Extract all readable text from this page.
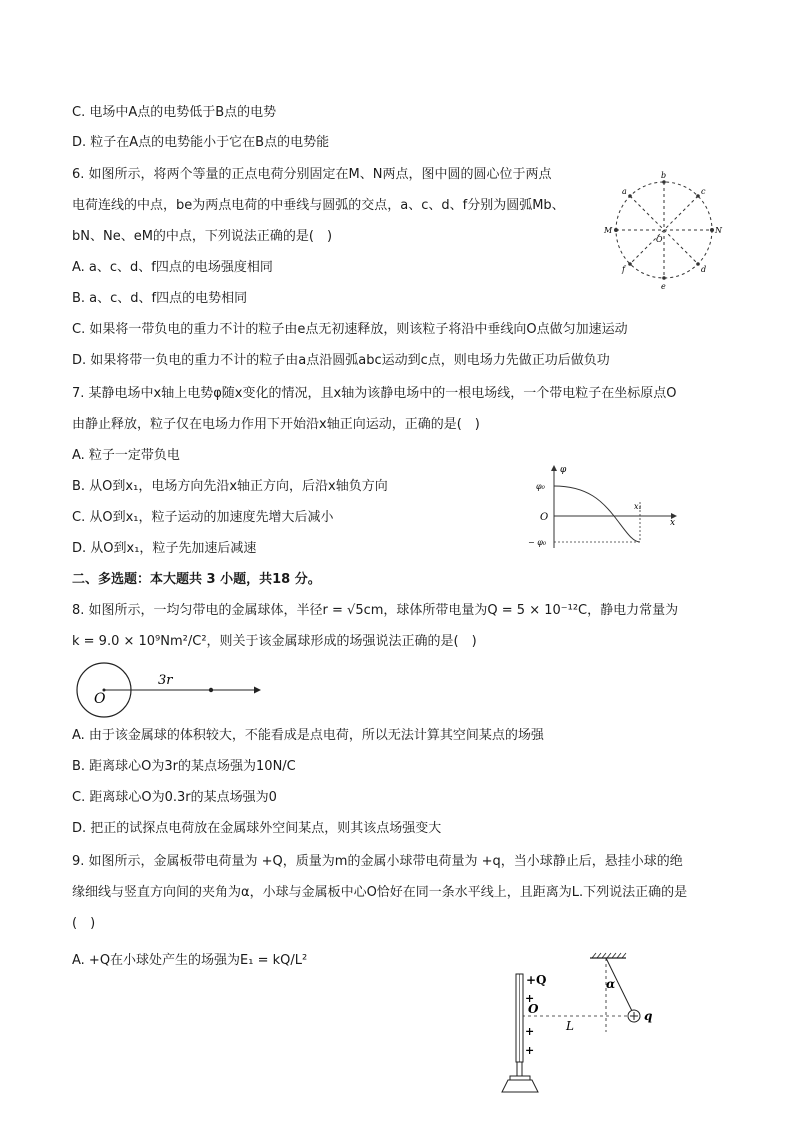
C. 电场中A点的电势低于B点的电势
D. 粒子在A点的电势能小于它在B点的电势能
6. 如图所示，将两个等量的正点电荷分别固定在M、N两点，图中圆的圆心位于两点
电荷连线的中点，be为两点电荷的中垂线与圆弧的交点，a、c、d、f分别为圆弧Mb、
bN、Ne、eM的中点，下列说法正确的是(　)
A. a、c、d、f四点的电场强度相同
B. a、c、d、f四点的电势相同
C. 如果将一带负电的重力不计的粒子由e点无初速释放，则该粒子将沿中垂线向O点做匀加速运动
D. 如果将带一负电的重力不计的粒子由a点沿圆弧abc运动到c点，则电场力先做正功后做负功
7. 某静电场中x轴上电势φ随x变化的情况，且x轴为该静电场中的一根电场线，一个带电粒子在坐标原点O
由静止释放，粒子仅在电场力作用下开始沿x轴正向运动，正确的是(　)
A. 粒子一定带负电
B. 从O到x₁，电场方向先沿x轴正方向，后沿x轴负方向
C. 从O到x₁，粒子运动的加速度先增大后减小
D. 从O到x₁，粒子先加速后减速
二、多选题：本大题共 3 小题，共18 分。
8. 如图所示，一均匀带电的金属球体，半径r = √5cm，球体所带电量为Q = 5 × 10⁻¹²C，静电力常量为
k = 9.0 × 10⁹Nm²/C²，则关于该金属球形成的场强说法正确的是(　)
A. 由于该金属球的体积较大，不能看成是点电荷，所以无法计算其空间某点的场强
B. 距离球心O为3r的某点场强为10N/C
C. 距离球心O为0.3r的某点场强为0
D. 把正的试探点电荷放在金属球外空间某点，则其该点场强变大
9. 如图所示，金属板带电荷量为 +Q，质量为m的金属小球带电荷量为 +q，当小球静止后，悬挂小球的绝
缘细线与竖直方向间的夹角为α，小球与金属板中心O恰好在同一条水平线上，且距离为L.下列说法正确的是
(　)
A. +Q在小球处产生的场强为E₁ = kQ/L²
b
a	c
M	N
O
f	d
e
φ
φ₀
x₁
O	x
− φ₀
O
3r
+Q
O
+
+
+
L
α
q
